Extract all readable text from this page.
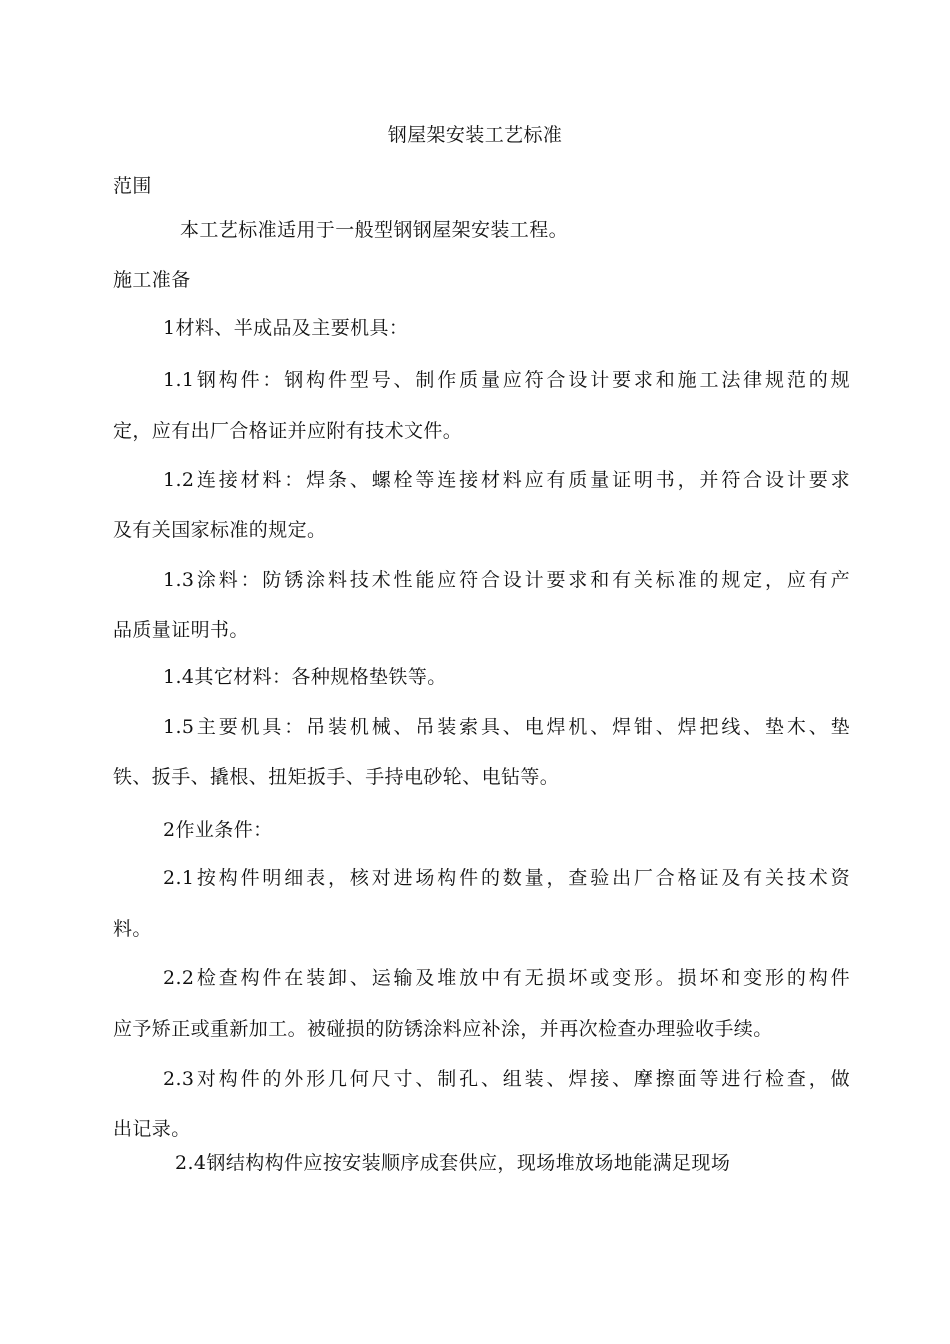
钢屋架安装工艺标准
范围
本工艺标准适用于一般型钢钢屋架安装工程。
施工准备
1材料、半成品及主要机具：
1.1钢构件：钢构件型号、制作质量应符合设计要求和施工法律规范的规
定，应有出厂合格证并应附有技术文件。
1.2连接材料：焊条、螺栓等连接材料应有质量证明书，并符合设计要求
及有关国家标准的规定。
1.3涂料：防锈涂料技术性能应符合设计要求和有关标准的规定，应有产
品质量证明书。
1.4其它材料：各种规格垫铁等。
1.5主要机具：吊装机械、吊装索具、电焊机、焊钳、焊把线、垫木、垫
铁、扳手、撬根、扭矩扳手、手持电砂轮、电钻等。
2作业条件：
2.1按构件明细表，核对进场构件的数量，查验出厂合格证及有关技术资
料。
2.2检查构件在装卸、运输及堆放中有无损坏或变形。损坏和变形的构件
应予矫正或重新加工。被碰损的防锈涂料应补涂，并再次检查办理验收手续。
2.3对构件的外形几何尺寸、制孔、组装、焊接、摩擦面等进行检查，做
出记录。
2.4钢结构构件应按安装顺序成套供应，现场堆放场地能满足现场
